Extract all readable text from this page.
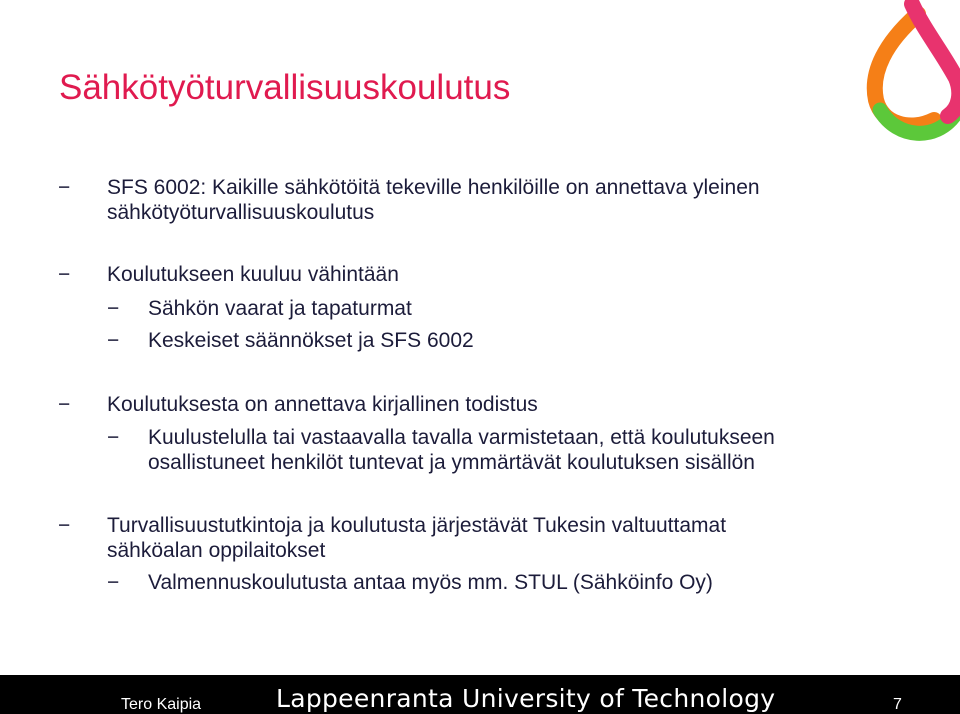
Sähkötyöturvallisuuskoulutus
− SFS 6002: Kaikille sähkötöitä tekeville henkilöille on annettava yleinen
sähkötyöturvallisuuskoulutus
− Koulutukseen kuuluu vähintään
− Sähkön vaarat ja tapaturmat
− Keskeiset säännökset ja SFS 6002
− Koulutuksesta on annettava kirjallinen todistus
− Kuulustelulla tai vastaavalla tavalla varmistetaan, että koulutukseen
osallistuneet henkilöt tuntevat ja ymmärtävät koulutuksen sisällön
− Turvallisuustutkintoja ja koulutusta järjestävät Tukesin valtuuttamat
sähköalan oppilaitokset
− Valmennuskoulutusta antaa myös mm. STUL (Sähköinfo Oy)
Tero Kaipia	Lappeenranta University of Technology	7
